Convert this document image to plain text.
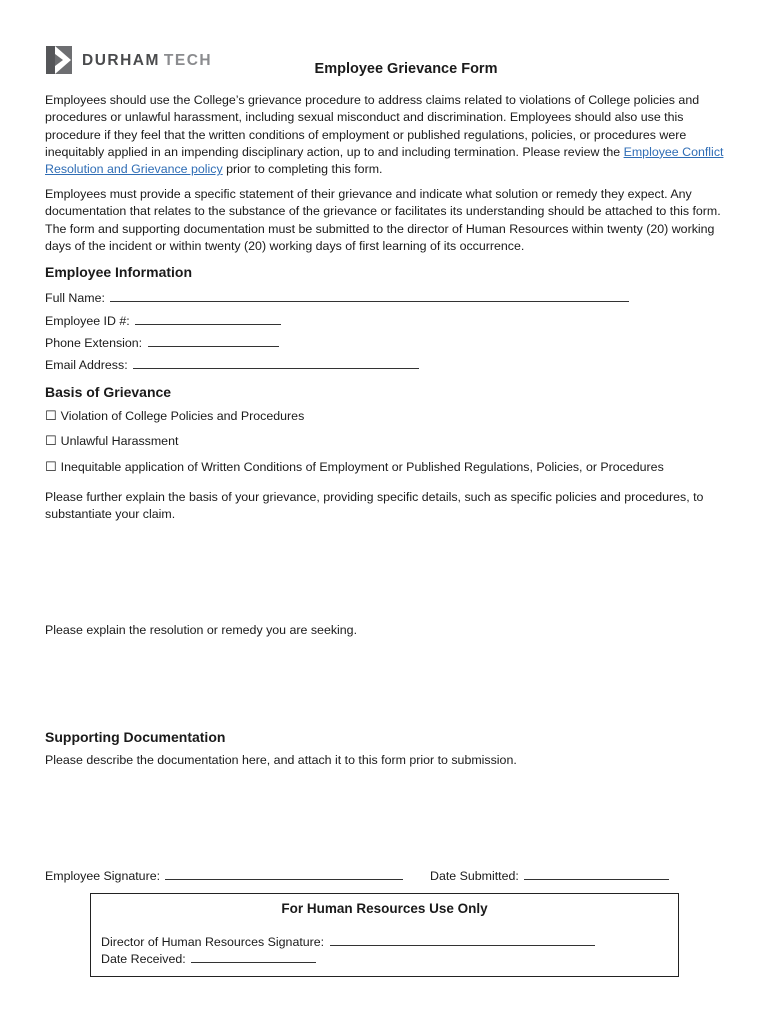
DURHAM TECH	Employee Grievance Form
Employees should use the College’s grievance procedure to address claims related to violations of College policies and procedures or unlawful harassment, including sexual misconduct and discrimination. Employees should also use this procedure if they feel that the written conditions of employment or published regulations, policies, or procedures were inequitably applied in an impending disciplinary action, up to and including termination. Please review the Employee Conflict Resolution and Grievance policy prior to completing this form.
Employees must provide a specific statement of their grievance and indicate what solution or remedy they expect. Any documentation that relates to the substance of the grievance or facilitates its understanding should be attached to this form. The form and supporting documentation must be submitted to the director of Human Resources within twenty (20) working days of the incident or within twenty (20) working days of first learning of its occurrence.
Employee Information
Full Name:
Employee ID #:
Phone Extension:
Email Address:
Basis of Grievance
☐ Violation of College Policies and Procedures
☐ Unlawful Harassment
☐ Inequitable application of Written Conditions of Employment or Published Regulations, Policies, or Procedures
Please further explain the basis of your grievance, providing specific details, such as specific policies and procedures, to substantiate your claim.
Please explain the resolution or remedy you are seeking.
Supporting Documentation
Please describe the documentation here, and attach it to this form prior to submission.
Employee Signature:	Date Submitted:
For Human Resources Use Only
Director of Human Resources Signature:
Date Received:
